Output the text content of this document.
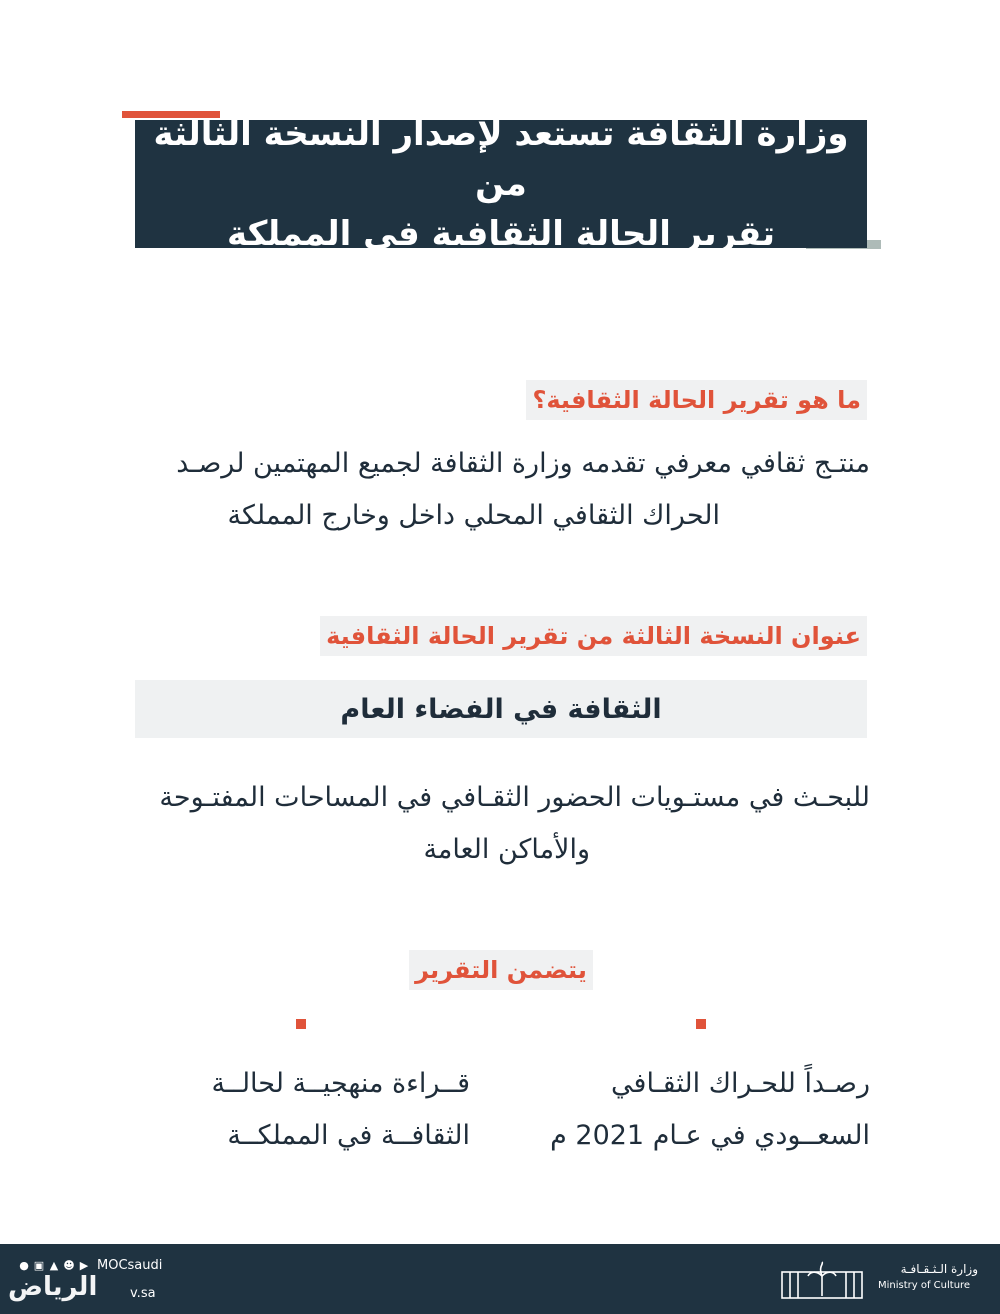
وزارة الثقافة تستعد لإصدار النسخة الثالثة من
تقرير الحالة الثقافية في المملكة
ما هو تقرير الحالة الثقافية؟
منتـج ثقافي معرفي تقدمه وزارة الثقافة لجميع المهتمين لرصـد
الحراك الثقافي المحلي داخل وخارج المملكة
عنوان النسخة الثالثة من تقرير الحالة الثقافية
الثقافة في الفضاء العام
للبحـث في مستـويات الحضور الثقـافي في المساحات المفتـوحة
والأماكن العامة
يتضمن التقرير
رصـداً للحـراك الثقـافي
السعــودي في عـام 2021 م
قــراءة منهجيــة لحالــة
الثقافــة في المملكــة
● ▣ ▲ ☻ ▶ MOCsaudi
v.sa
الرياض
وزارة الـثـقـافـة
Ministry of Culture
